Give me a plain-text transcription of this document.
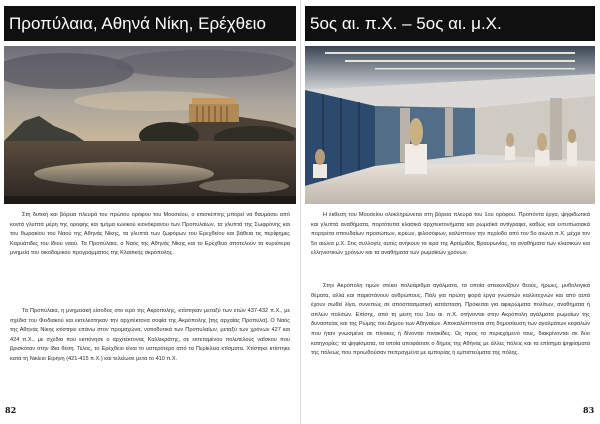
Προπύλαια, Αθηνά Νίκη, Ερέχθειο
Στη δυτική και βόρεια πλευρά του πρώτου ορόφου του Μουσείου, ο επισκέπτης μπορεί να θαυμάσει από κοντά γλυπτά μέρη της οροφής και τμήμα ιωνικού κιονόκρανου των Προπυλαίων, τα γλυπτά της Σωφρόνης και του θωρακίου του Ναού της Αθηνάς Νίκης, τα γλυπτά των ζωφόρων του Ερεχθείου και βάθεια τις περίφημες Καρυάτιδες του ίδιου ναού. Τα Προπύλαια, ο Ναός της Αθηνάς Νίκης και το Ερέχθειο αποτελούν τα κυριότερα μνημεία του οικοδομικού προγράμματος της Κλασικής ακρόπολης.
Τα Προπύλαια, η μνημειακή είσοδος στο ιερό της Ακρόπολης, κτίστηκαν μεταξύ των ετών 437-432 π.Χ., με σχέδια του Φειδιακού και εκτελέστηκαν την αρχιτέκτονα σοφία της Ακρόπολης [της αρχαίας Προπύλα]. Ο Ναός της Αθηνάς Νίκης κτίστηκε επάνω στον προμαχώνα, νοτιοδυτικά των Προπυλαίων, μεταξύ των χρόνων 427 και 424 π.Χ., με σχέδια που εκπόνησε ο αρχιτέκτονας Καλλικράτης, σε εκτεταμένου πολυτελούς ναΐσκου που βρισκόταν στην ίδια θέση. Τέλος, το Ερέχθειο είναι το υστερότερο από τα Περίκλεια κτίσματα. Χτίστηκε κτίστηκε κατά τη Νικίειο Ειρήνη (421-415 π.Χ.) και τελείωσε μετά το 410 π.Χ.
82
5ος αι. π.Χ. – 5ος αι. μ.Χ.
Η έκθεση του Μουσείου ολοκληρώνεται στη βόρεια πλευρά του 1ου ορόφου. Προπόντα έργα, ψηφιδωτικά και γλυπτά αναθήματα, πορτότυπα κλασικά αρχιτεκτονήματα και ρωμαϊκά αντίγραφα, καθώς και εντυπωσιακά πορτρέτα σπουδαίων προσώπων, ιερέων, φιλοσόφων, καλύπτουν την περίοδο από τον 5ο αιώνα π.Χ. μέχρι τον 5ο αιώνα μ.Χ. Στις συλλογές αυτές ανήκουν τα ιερά της Αρτέμιδος Βραυρωνίας, τα αναθήματα των κλασικών και ελληνιστικών χρόνων και τα αναθήματα των ρωμαϊκών χρόνων.
Στην Ακρόπολη τιμών στέκει πολυάριθμα αγάλματα, τα οποία απεικονίζουν θεούς, ήρωες, μυθολογικά θέματα, αλλά και παριστάνουν ανθρώπους. Πάλι για πρώτη φορά έργα γνωστών καλλιτεχνών και από αυτά έχουν σωθεί λίγα, συνεπώς σε αποσπασματική κατάσταση. Πρόκειται για αφιερώματα πολίτων, αναθήματα ή απλών πολιτών. Επίσης, από τη μέση του 1ου αι. π.Χ. στήνονται στην Ακρόπολη αγάλματα ρωμαίων της δυναστείας και της Ρώμης του Δήμου των Αθηναίων. Αποκαλύπτονται στη δημοσίευση των αγαλμάτων κεφαλών που ήταν γνωσμένα σε πίνακες ή δίνονται πινακίδες. Ως προς το περιεχόμενό τους, διακρίνονται σε δύο κατηγορίες: τα ψηφίσματα, τα οποία αποφάσισε ο δήμος της Αθήνας με άλλες πόλεις και τα επίσημα ψηφίσματα της πόλεως που προωθούσαν πεπραγμένα με εμπορίας ή εμπιστεύματα της πόλης.
83
